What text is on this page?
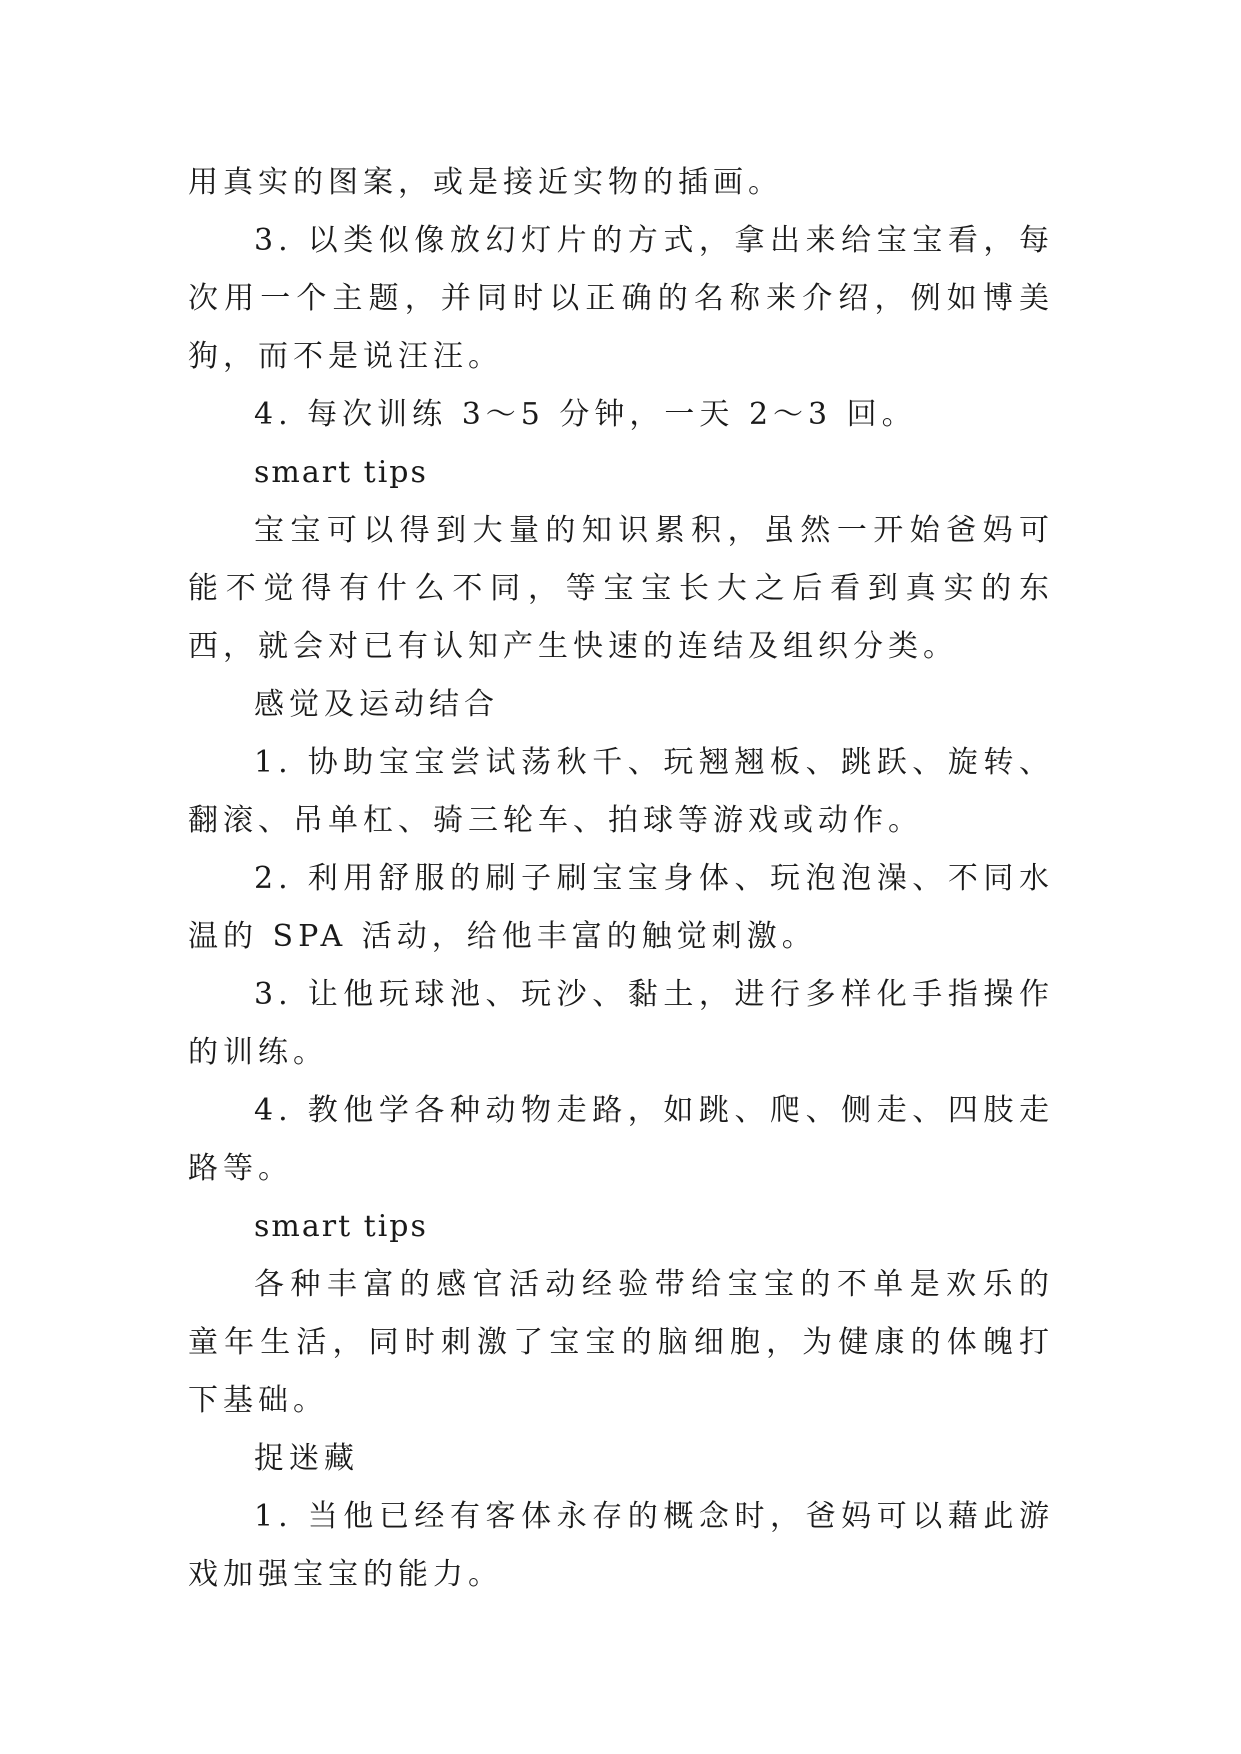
用真实的图案，或是接近实物的插画。

3. 以类似像放幻灯片的方式，拿出来给宝宝看，每次用一个主题，并同时以正确的名称来介绍，例如博美狗，而不是说汪汪。

4. 每次训练 3～5 分钟，一天 2～3 回。

smart tips

宝宝可以得到大量的知识累积，虽然一开始爸妈可能不觉得有什么不同，等宝宝长大之后看到真实的东西，就会对已有认知产生快速的连结及组织分类。

感觉及运动结合

1. 协助宝宝尝试荡秋千、玩翘翘板、跳跃、旋转、翻滚、吊单杠、骑三轮车、拍球等游戏或动作。

2. 利用舒服的刷子刷宝宝身体、玩泡泡澡、不同水温的 SPA 活动，给他丰富的触觉刺激。

3. 让他玩球池、玩沙、黏土，进行多样化手指操作的训练。

4. 教他学各种动物走路，如跳、爬、侧走、四肢走路等。

smart tips

各种丰富的感官活动经验带给宝宝的不单是欢乐的童年生活，同时刺激了宝宝的脑细胞，为健康的体魄打下基础。

捉迷藏

1. 当他已经有客体永存的概念时，爸妈可以藉此游戏加强宝宝的能力。
